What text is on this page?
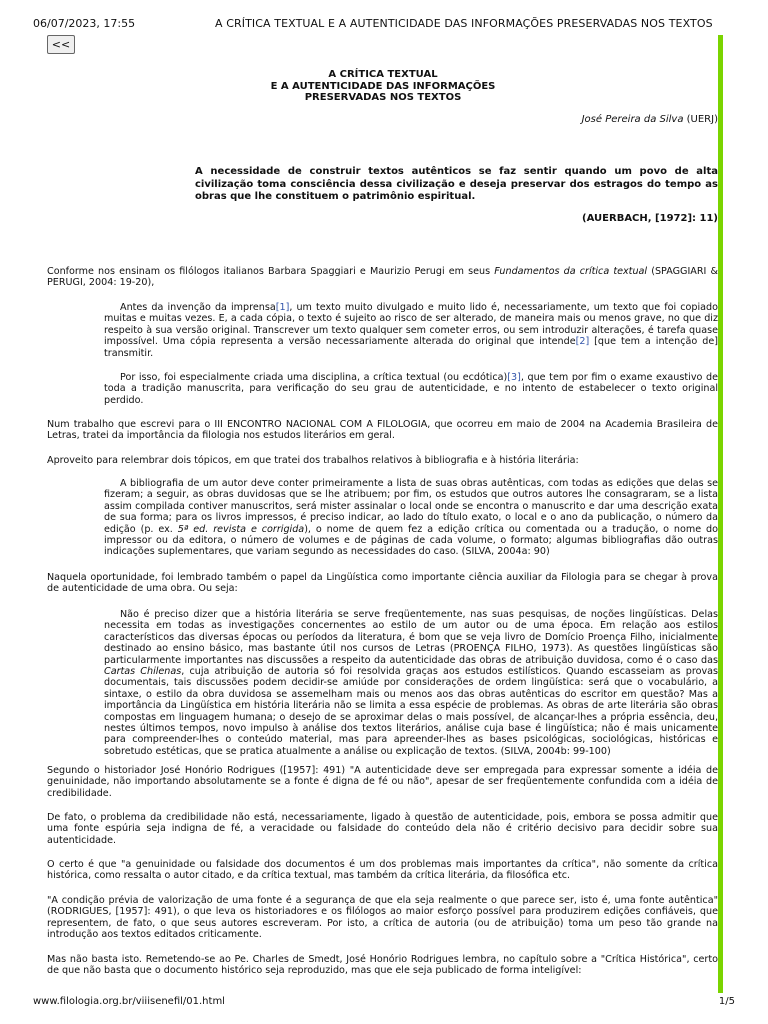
06/07/2023, 17:55	A CRÍTICA TEXTUAL E A AUTENTICIDADE DAS INFORMAÇÕES PRESERVADAS NOS TEXTOS
<<
A CRÍTICA TEXTUAL
E A AUTENTICIDADE DAS INFORMAÇÕES
PRESERVADAS NOS TEXTOS
José Pereira da Silva (UERJ)
A necessidade de construir textos autênticos se faz sentir quando um povo de alta civilização toma consciência dessa civilização e deseja preservar dos estragos do tempo as obras que lhe constituem o patrimônio espiritual.
(AUERBACH, [1972]: 11)
Conforme nos ensinam os filólogos italianos Barbara Spaggiari e Maurizio Perugi em seus Fundamentos da crítica textual (SPAGGIARI & PERUGI, 2004: 19-20),
Antes da invenção da imprensa[1], um texto muito divulgado e muito lido é, necessariamente, um texto que foi copiado muitas e muitas vezes. E, a cada cópia, o texto é sujeito ao risco de ser alterado, de maneira mais ou menos grave, no que diz respeito à sua versão original. Transcrever um texto qualquer sem cometer erros, ou sem introduzir alterações, é tarefa quase impossível. Uma cópia representa a versão necessariamente alterada do original que intende[2] [que tem a intenção de] transmitir.
Por isso, foi especialmente criada uma disciplina, a crítica textual (ou ecdótica)[3], que tem por fim o exame exaustivo de toda a tradição manuscrita, para verificação do seu grau de autenticidade, e no intento de estabelecer o texto original perdido.
Num trabalho que escrevi para o III ENCONTRO NACIONAL COM A FILOLOGIA, que ocorreu em maio de 2004 na Academia Brasileira de Letras, tratei da importância da filologia nos estudos literários em geral.
Aproveito para relembrar dois tópicos, em que tratei dos trabalhos relativos à bibliografia e à história literária:
A bibliografia de um autor deve conter primeiramente a lista de suas obras autênticas, com todas as edições que delas se fizeram; a seguir, as obras duvidosas que se lhe atribuem; por fim, os estudos que outros autores lhe consagraram, se a lista assim compilada contiver manuscritos, será mister assinalar o local onde se encontra o manuscrito e dar uma descrição exata de sua forma; para os livros impressos, é preciso indicar, ao lado do título exato, o local e o ano da publicação, o número da edição (p. ex. 5ª ed. revista e corrigida), o nome de quem fez a edição crítica ou comentada ou a tradução, o nome do impressor ou da editora, o número de volumes e de páginas de cada volume, o formato; algumas bibliografias dão outras indicações suplementares, que variam segundo as necessidades do caso. (SILVA, 2004a: 90)
Naquela oportunidade, foi lembrado também o papel da Lingüística como importante ciência auxiliar da Filologia para se chegar à prova de autenticidade de uma obra. Ou seja:
Não é preciso dizer que a história literária se serve freqüentemente, nas suas pesquisas, de noções lingüísticas. Delas necessita em todas as investigações concernentes ao estilo de um autor ou de uma época. Em relação aos estilos característicos das diversas épocas ou períodos da literatura, é bom que se veja livro de Domício Proença Filho, inicialmente destinado ao ensino básico, mas bastante útil nos cursos de Letras (PROENÇA FILHO, 1973). As questões lingüísticas são particularmente importantes nas discussões a respeito da autenticidade das obras de atribuição duvidosa, como é o caso das Cartas Chilenas, cuja atribuição de autoria só foi resolvida graças aos estudos estilísticos. Quando escasseiam as provas documentais, tais discussões podem decidir-se amiúde por considerações de ordem lingüística: será que o vocabulário, a sintaxe, o estilo da obra duvidosa se assemelham mais ou menos aos das obras autênticas do escritor em questão? Mas a importância da Lingüística em história literária não se limita a essa espécie de problemas. As obras de arte literária são obras compostas em linguagem humana; o desejo de se aproximar delas o mais possível, de alcançar-lhes a própria essência, deu, nestes últimos tempos, novo impulso à análise dos textos literários, análise cuja base é lingüística; não é mais unicamente para compreender-lhes o conteúdo material, mas para apreender-lhes as bases psicológicas, sociológicas, históricas e sobretudo estéticas, que se pratica atualmente a análise ou explicação de textos. (SILVA, 2004b: 99-100)
Segundo o historiador José Honório Rodrigues ([1957]: 491) "A autenticidade deve ser empregada para expressar somente a idéia de genuinidade, não importando absolutamente se a fonte é digna de fé ou não", apesar de ser freqüentemente confundida com a idéia de credibilidade.
De fato, o problema da credibilidade não está, necessariamente, ligado à questão de autenticidade, pois, embora se possa admitir que uma fonte espúria seja indigna de fé, a veracidade ou falsidade do conteúdo dela não é critério decisivo para decidir sobre sua autenticidade.
O certo é que "a genuinidade ou falsidade dos documentos é um dos problemas mais importantes da crítica", não somente da crítica histórica, como ressalta o autor citado, e da crítica textual, mas também da crítica literária, da filosófica etc.
"A condição prévia de valorização de uma fonte é a segurança de que ela seja realmente o que parece ser, isto é, uma fonte autêntica" (RODRIGUES, [1957]: 491), o que leva os historiadores e os filólogos ao maior esforço possível para produzirem edições confiáveis, que representem, de fato, o que seus autores escreveram. Por isto, a crítica de autoria (ou de atribuição) toma um peso tão grande na introdução aos textos editados criticamente.
Mas não basta isto. Remetendo-se ao Pe. Charles de Smedt, José Honório Rodrigues lembra, no capítulo sobre a "Crítica Histórica", certo de que não basta que o documento histórico seja reproduzido, mas que ele seja publicado de forma inteligível:
www.filologia.org.br/viiisenefil/01.html	1/5
